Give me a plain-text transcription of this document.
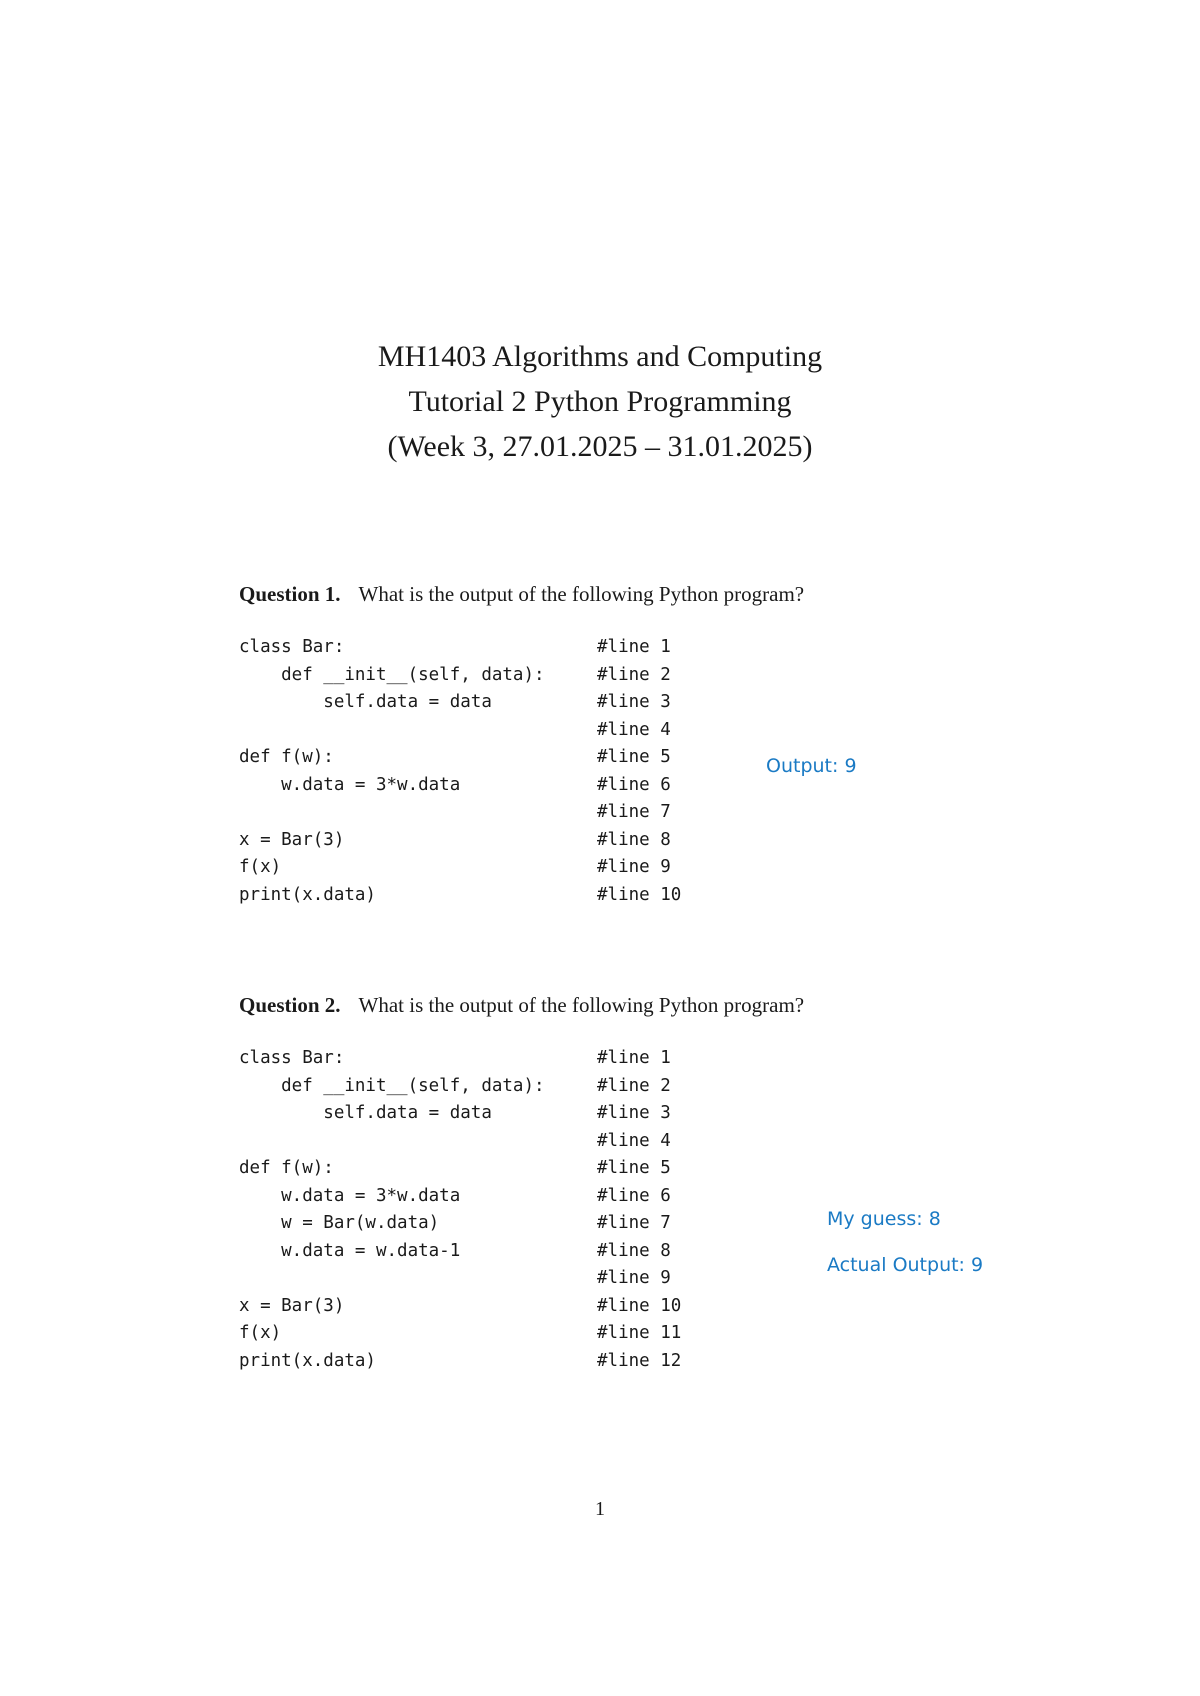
MH1403 Algorithms and Computing
Tutorial 2 Python Programming
(Week 3, 27.01.2025 – 31.01.2025)
Question 1. What is the output of the following Python program?
class Bar:	#line 1
def __init__(self, data):	#line 2
self.data = data	#line 3
#line 4
def f(w):	#line 5
w.data = 3*w.data	#line 6
#line 7
x = Bar(3)	#line 8
f(x)	#line 9
print(x.data)	#line 10
Output: 9
Question 2. What is the output of the following Python program?
class Bar:	#line 1
def __init__(self, data):	#line 2
self.data = data	#line 3
#line 4
def f(w):	#line 5
w.data = 3*w.data	#line 6
w = Bar(w.data)	#line 7
w.data = w.data-1	#line 8
#line 9
x = Bar(3)	#line 10
f(x)	#line 11
print(x.data)	#line 12
My guess: 8
Actual Output: 9
1
